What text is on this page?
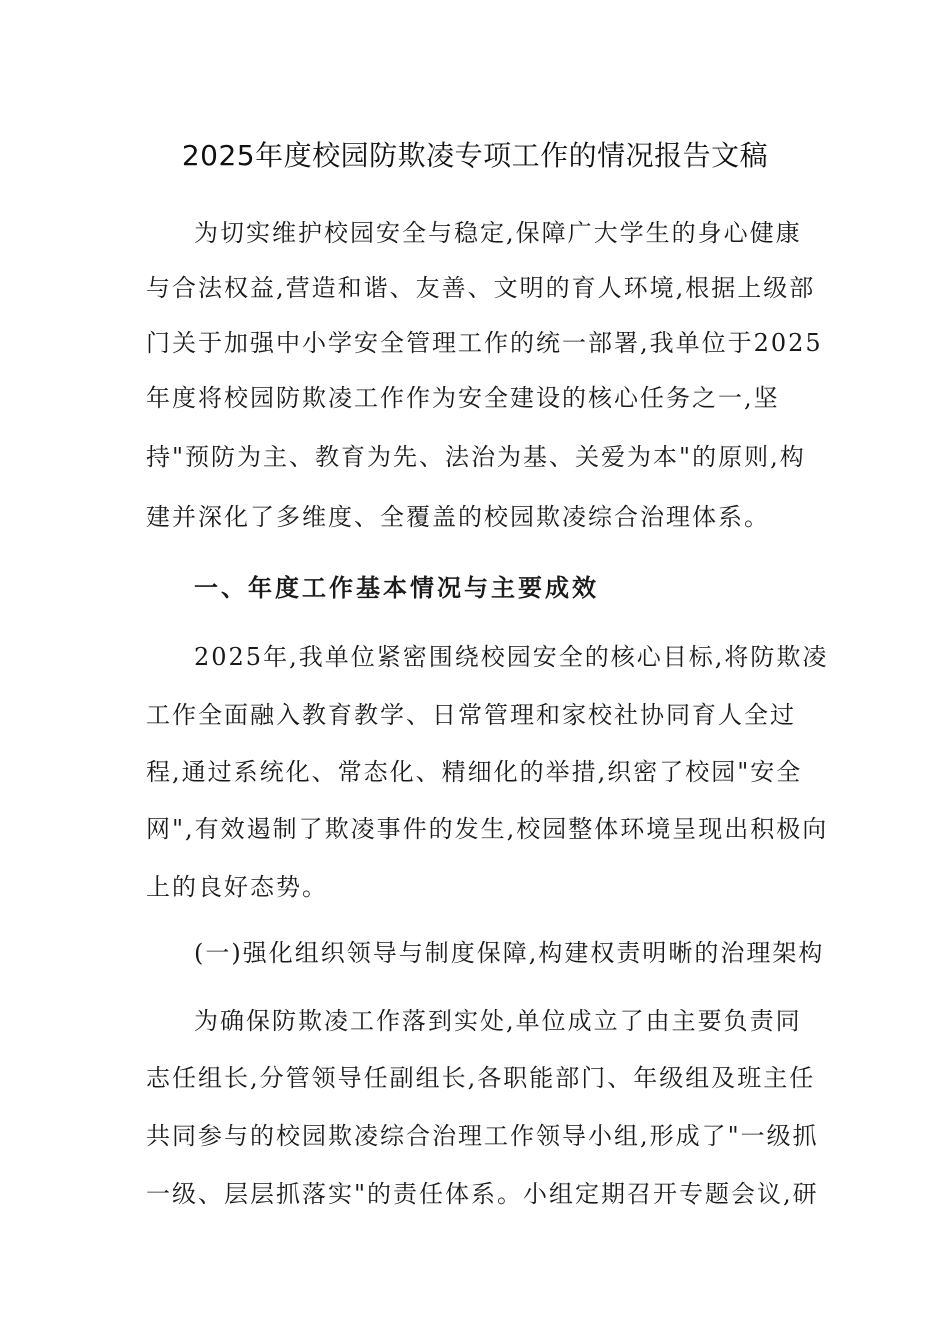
2025年度校园防欺凌专项工作的情况报告文稿
为切实维护校园安全与稳定,保障广大学生的身心健康
与合法权益,营造和谐、友善、文明的育人环境,根据上级部
门关于加强中小学安全管理工作的统一部署,我单位于2025
年度将校园防欺凌工作作为安全建设的核心任务之一,坚
持"预防为主、教育为先、法治为基、关爱为本"的原则,构
建并深化了多维度、全覆盖的校园欺凌综合治理体系。
一、年度工作基本情况与主要成效
2025年,我单位紧密围绕校园安全的核心目标,将防欺凌
工作全面融入教育教学、日常管理和家校社协同育人全过
程,通过系统化、常态化、精细化的举措,织密了校园"安全
网",有效遏制了欺凌事件的发生,校园整体环境呈现出积极向
上的良好态势。
(一)强化组织领导与制度保障,构建权责明晰的治理架构
为确保防欺凌工作落到实处,单位成立了由主要负责同
志任组长,分管领导任副组长,各职能部门、年级组及班主任
共同参与的校园欺凌综合治理工作领导小组,形成了"一级抓
一级、层层抓落实"的责任体系。小组定期召开专题会议,研
